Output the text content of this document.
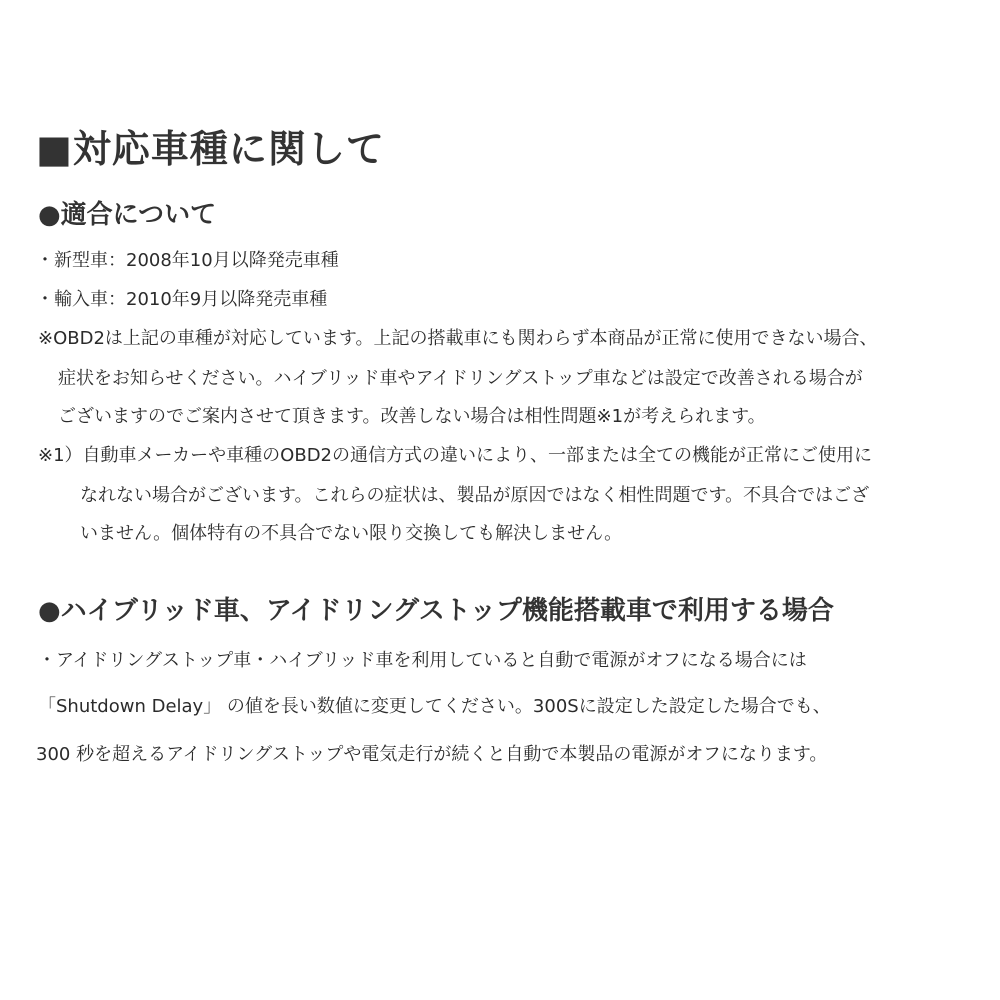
■対応車種に関して
●適合について
・新型車：2008年10月以降発売車種
・輸入車：2010年9月以降発売車種
※OBD2は上記の車種が対応しています。上記の搭載車にも関わらず本商品が正常に使用できない場合、
症状をお知らせください。ハイブリッド車やアイドリングストップ車などは設定で改善される場合が
ございますのでご案内させて頂きます。改善しない場合は相性問題※1が考えられます。
※1）自動車メーカーや車種のOBD2の通信方式の違いにより、一部または全ての機能が正常にご使用に
なれない場合がございます。これらの症状は、製品が原因ではなく相性問題です。不具合ではござ
いません。個体特有の不具合でない限り交換しても解決しません。
●ハイブリッド車、アイドリングストップ機能搭載車で利用する場合
・アイドリングストップ車・ハイブリッド車を利用していると自動で電源がオフになる場合には
「Shutdown Delay」 の値を長い数値に変更してください。300Sに設定した設定した場合でも、
300 秒を超えるアイドリングストップや電気走行が続くと自動で本製品の電源がオフになります。
